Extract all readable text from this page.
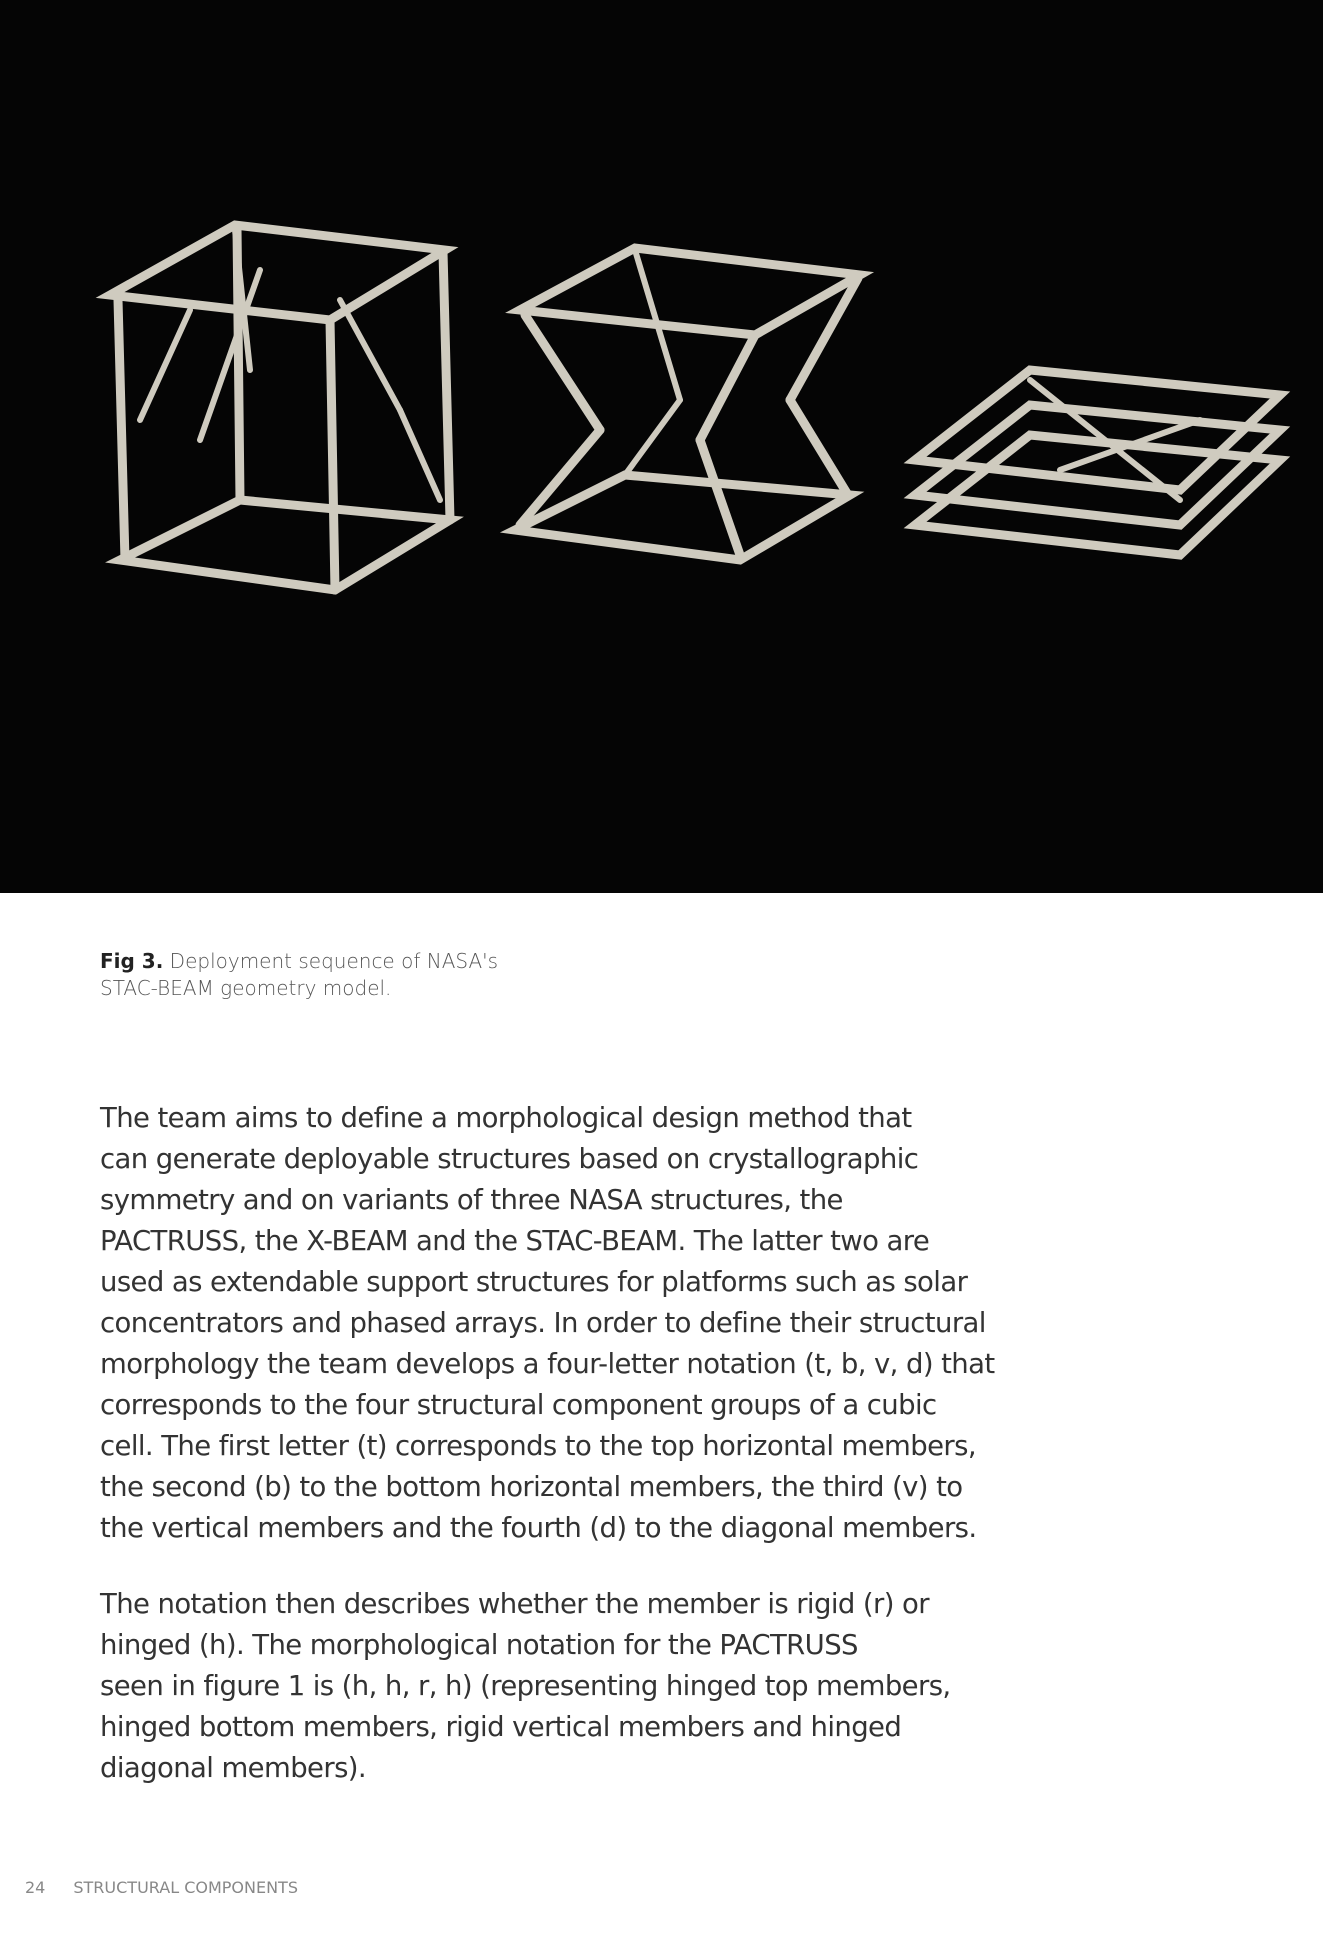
Fig 3. Deployment sequence of NASA's
STAC-BEAM geometry model.
The team aims to define a morphological design method that
can generate deployable structures based on crystallographic
symmetry and on variants of three NASA structures, the
PACTRUSS, the X-BEAM and the STAC-BEAM. The latter two are
used as extendable support structures for platforms such as solar
concentrators and phased arrays. In order to define their structural
morphology the team develops a four-letter notation (t, b, v, d) that
corresponds to the four structural component groups of a cubic
cell. The first letter (t) corresponds to the top horizontal members,
the second (b) to the bottom horizontal members, the third (v) to
the vertical members and the fourth (d) to the diagonal members.
The notation then describes whether the member is rigid (r) or
hinged (h). The morphological notation for the PACTRUSS
seen in figure 1 is (h, h, r, h) (representing hinged top members,
hinged bottom members, rigid vertical members and hinged
diagonal members).
24 STRUCTURAL COMPONENTS
